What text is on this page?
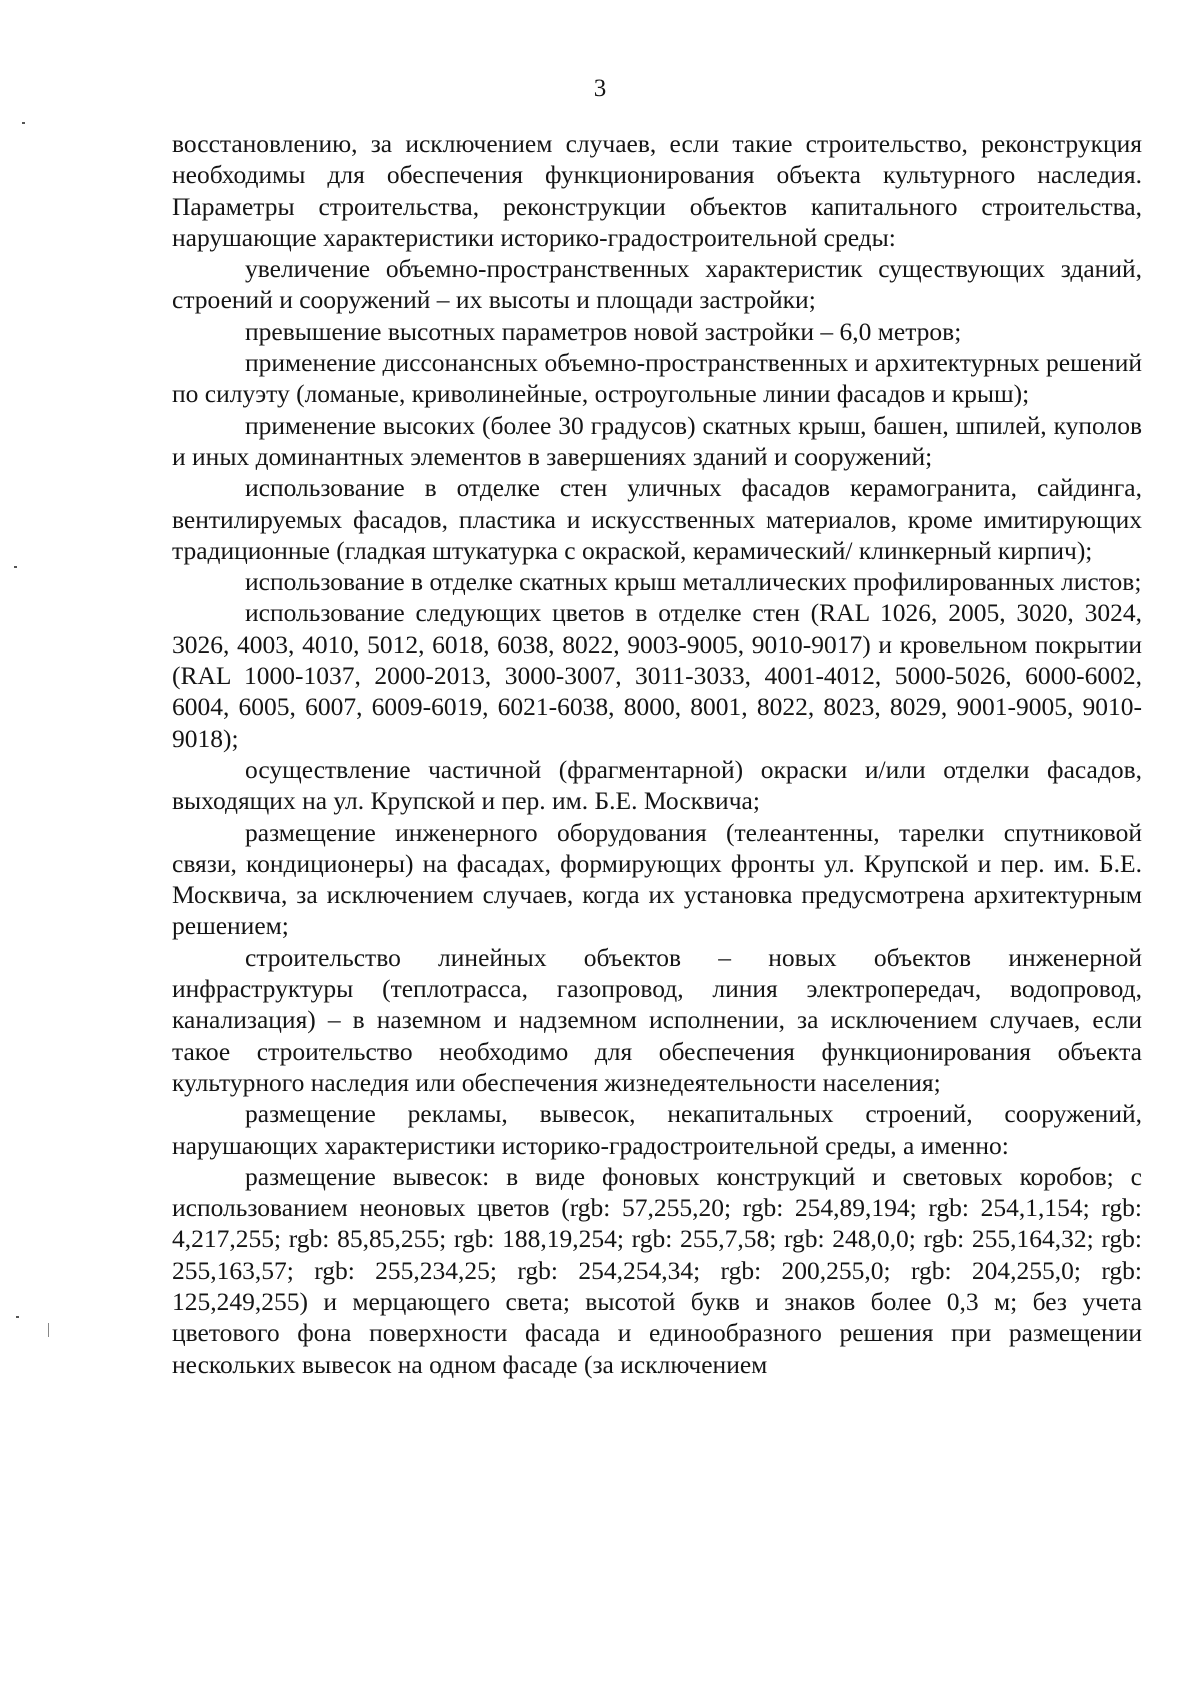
3

восстановлению, за исключением случаев, если такие строительство, реконструкция необходимы для обеспечения функционирования объекта культурного наследия. Параметры строительства, реконструкции объектов капитального строительства, нарушающие характеристики историко-градостроительной среды:

увеличение объемно-пространственных характеристик существующих зданий, строений и сооружений – их высоты и площади застройки;

превышение высотных параметров новой застройки – 6,0 метров;

применение диссонансных объемно-пространственных и архитектурных решений по силуэту (ломаные, криволинейные, остроугольные линии фасадов и крыш);

применение высоких (более 30 градусов) скатных крыш, башен, шпилей, куполов и иных доминантных элементов в завершениях зданий и сооружений;

использование в отделке стен уличных фасадов керамогранита, сайдинга, вентилируемых фасадов, пластика и искусственных материалов, кроме имитирующих традиционные (гладкая штукатурка с окраской, керамический/ клинкерный кирпич);

использование в отделке скатных крыш металлических профилированных листов;

использование следующих цветов в отделке стен (RAL 1026, 2005, 3020, 3024, 3026, 4003, 4010, 5012, 6018, 6038, 8022, 9003-9005, 9010-9017) и кровельном покрытии (RAL 1000-1037, 2000-2013, 3000-3007, 3011-3033, 4001-4012, 5000-5026, 6000-6002, 6004, 6005, 6007, 6009-6019, 6021-6038, 8000, 8001, 8022, 8023, 8029, 9001-9005, 9010-9018);

осуществление частичной (фрагментарной) окраски и/или отделки фасадов, выходящих на ул. Крупской и пер. им. Б.Е. Москвича;

размещение инженерного оборудования (телеантенны, тарелки спутниковой связи, кондиционеры) на фасадах, формирующих фронты ул. Крупской и пер. им. Б.Е. Москвича, за исключением случаев, когда их установка предусмотрена архитектурным решением;

строительство линейных объектов – новых объектов инженерной инфраструктуры (теплотрасса, газопровод, линия электропередач, водопровод, канализация) – в наземном и надземном исполнении, за исключением случаев, если такое строительство необходимо для обеспечения функционирования объекта культурного наследия или обеспечения жизнедеятельности населения;

размещение рекламы, вывесок, некапитальных строений, сооружений, нарушающих характеристики историко-градостроительной среды, а именно:

размещение вывесок: в виде фоновых конструкций и световых коробов; с использованием неоновых цветов (rgb: 57,255,20; rgb: 254,89,194; rgb: 254,1,154; rgb: 4,217,255; rgb: 85,85,255; rgb: 188,19,254; rgb: 255,7,58; rgb: 248,0,0; rgb: 255,164,32; rgb: 255,163,57; rgb: 255,234,25; rgb: 254,254,34; rgb: 200,255,0; rgb: 204,255,0; rgb: 125,249,255) и мерцающего света; высотой букв и знаков более 0,3 м; без учета цветового фона поверхности фасада и единообразного решения при размещении нескольких вывесок на одном фасаде (за исключением
